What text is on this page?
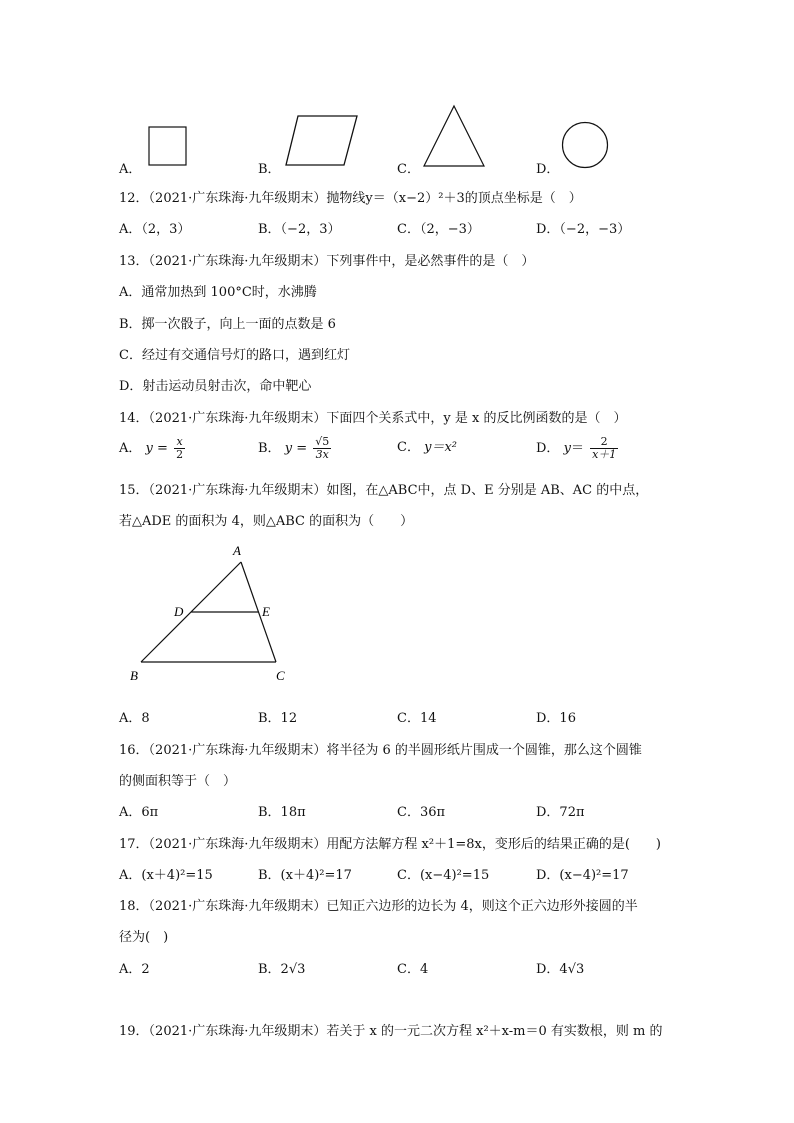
A．	B．	C．	D．
12．（2021·广东珠海·九年级期末）抛物线y＝（x−2）²＋3的顶点坐标是（　）
A．（2，3）	B．（−2，3）	C．（2，−3）	D．（−2，−3）
13．（2021·广东珠海·九年级期末）下列事件中，是必然事件的是（　）
A．通常加热到 100°C时，水沸腾
B．掷一次骰子，向上一面的点数是 6
C．经过有交通信号灯的路口，遇到红灯
D．射击运动员射击次，命中靶心
14．（2021·广东珠海·九年级期末）下面四个关系式中，y 是 x 的反比例函数的是（　）
A． $y = \frac{x}{2}$	B． $y = \frac{√5}{3x}$	C． y＝x²	D． $y= \frac{2}{x+1}$
15．（2021·广东珠海·九年级期末）如图，在△ABC中，点 D、E 分别是 AB、AC 的中点，
若△ADE 的面积为 4，则△ABC 的面积为（　　）
A
D	E
B	C
A．8	B．12	C．14	D．16
16．（2021·广东珠海·九年级期末）将半径为 6 的半圆形纸片围成一个圆锥，那么这个圆锥
的侧面积等于（　）
A．6π	B．18π	C．36π	D．72π
17．（2021·广东珠海·九年级期末）用配方法解方程 x²＋1=8x，变形后的结果正确的是(　　)
A．(x＋4)²=15	B．(x＋4)²=17	C．(x−4)²=15	D．(x−4)²=17
18．（2021·广东珠海·九年级期末）已知正六边形的边长为 4，则这个正六边形外接圆的半
径为(　)
A．2	B．2√3	C．4	D．4√3
19．（2021·广东珠海·九年级期末）若关于 x 的一元二次方程 x²＋x-m＝0 有实数根，则 m 的
